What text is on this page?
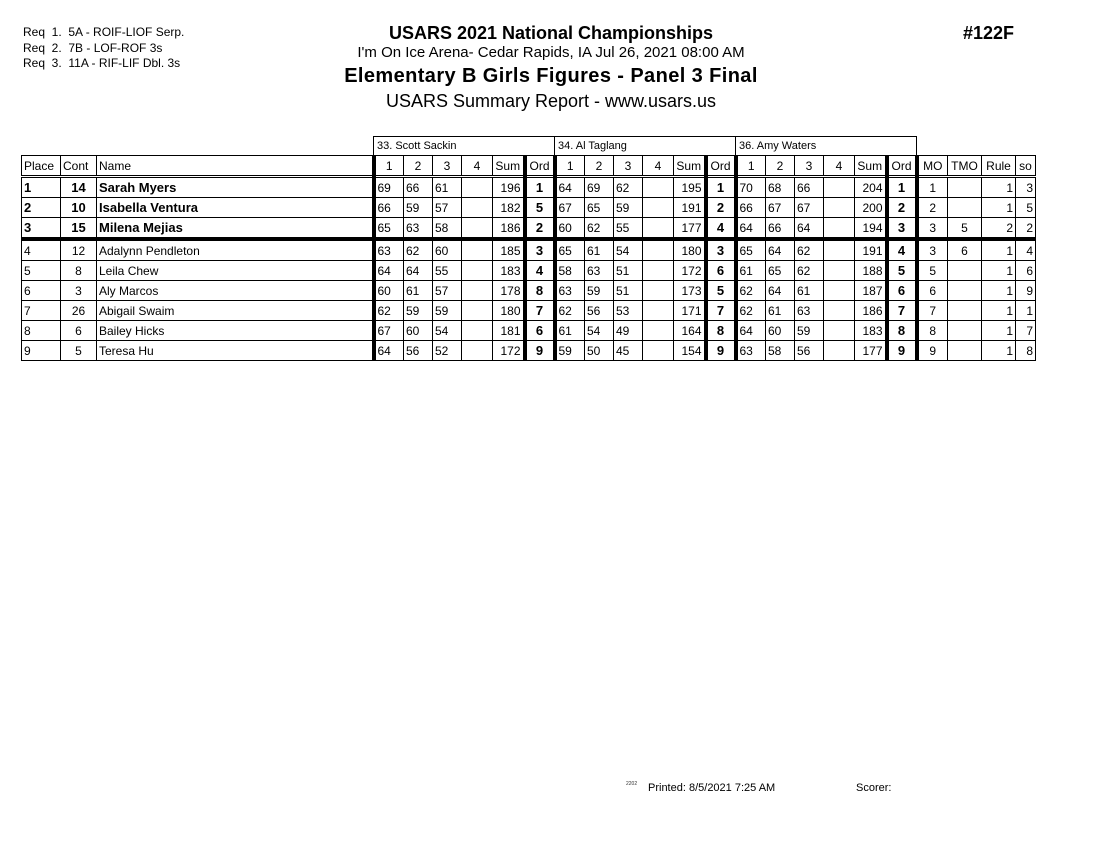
Req  1.  5A - ROIF-LIOF Serp.
Req  2.  7B - LOF-ROF 3s
Req  3.  11A - RIF-LIF Dbl. 3s
USARS 2021 National Championships
I'm On Ice Arena- Cedar Rapids, IA Jul 26, 2021 08:00 AM
Elementary B Girls Figures - Panel 3 Final
USARS Summary Report - www.usars.us
#122F
			33. Scott Sackin						34. Al Taglang						36. Amy Waters									
Place	Cont	Name	1	2	3	4	Sum	Ord	1	2	3	4	Sum	Ord	1	2	3	4	Sum	Ord	MO	TMO	Rule	so
1	14	Sarah Myers	69	66	61		196	1	64	69	62		195	1	70	68	66		204	1	1		1	3
2	10	Isabella Ventura	66	59	57		182	5	67	65	59		191	2	66	67	67		200	2	2		1	5
3	15	Milena Mejias	65	63	58		186	2	60	62	55		177	4	64	66	64		194	3	3	5	2	2
4	12	Adalynn Pendleton	63	62	60		185	3	65	61	54		180	3	65	64	62		191	4	3	6	1	4
5	8	Leila Chew	64	64	55		183	4	58	63	51		172	6	61	65	62		188	5	5		1	6
6	3	Aly Marcos	60	61	57		178	8	63	59	51		173	5	62	64	61		187	6	6		1	9
7	26	Abigail Swaim	62	59	59		180	7	62	56	53		171	7	62	61	63		186	7	7		1	1
8	6	Bailey Hicks	67	60	54		181	6	61	54	49		164	8	64	60	59		183	8	8		1	7
9	5	Teresa Hu	64	56	52		172	9	59	50	45		154	9	63	58	56		177	9	9		1	8
2202 Printed: 8/5/2021 7:25 AM	Scorer:
